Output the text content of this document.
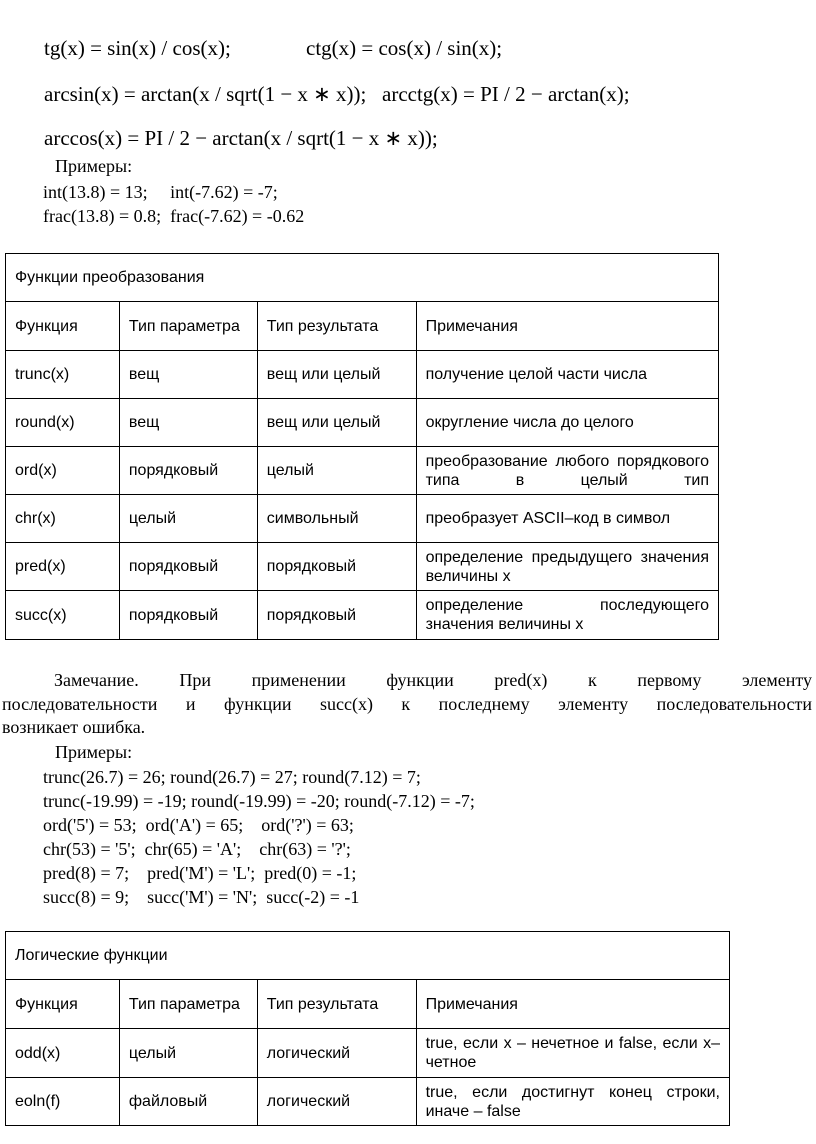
tg(x) = sin(x) / cos(x);	ctg(x) = cos(x) / sin(x);
arcsin(x) = arctan(x / sqrt(1 − x ∗ x)); arcctg(x) = PI / 2 − arctan(x);
arccos(x) = PI / 2 − arctan(x / sqrt(1 − x ∗ x));
Примеры:
int(13.8) = 13;     int(-7.62) = -7;
frac(13.8) = 0.8;  frac(-7.62) = -0.62
Функции преобразования			
Функция	Тип параметра	Тип результата	Примечания
trunc(x)	вещ	вещ или целый	получение целой части числа
round(x)	вещ	вещ или целый	округление числа до целого
ord(x)	порядковый	целый	преобразование любого порядкового типа в целый тип
chr(x)	целый	символьный	преобразует ASCII–код в символ
pred(x)	порядковый	порядковый	определение предыдущего значения величины x
succ(x)	порядковый	порядковый	определение последующего значения величины x
Замечание. При применении функции pred(x) к первому элементу
последовательности и функции succ(x) к последнему элементу последовательности
возникает ошибка.
Примеры:
trunc(26.7) = 26; round(26.7) = 27; round(7.12) = 7;
trunc(-19.99) = -19; round(-19.99) = -20; round(-7.12) = -7;
ord('5') = 53;  ord('A') = 65;    ord('?') = 63;
chr(53) = '5';  chr(65) = 'A';    chr(63) = '?';
pred(8) = 7;    pred('M') = 'L';  pred(0) = -1;
succ(8) = 9;    succ('M') = 'N';  succ(-2) = -1
Логические функции			
Функция	Тип параметра	Тип результата	Примечания
odd(x)	целый	логический	true, если x – нечетное и false, если x–четное
eoln(f)	файловый	логический	true, если достигнут конец строки, иначе – false
